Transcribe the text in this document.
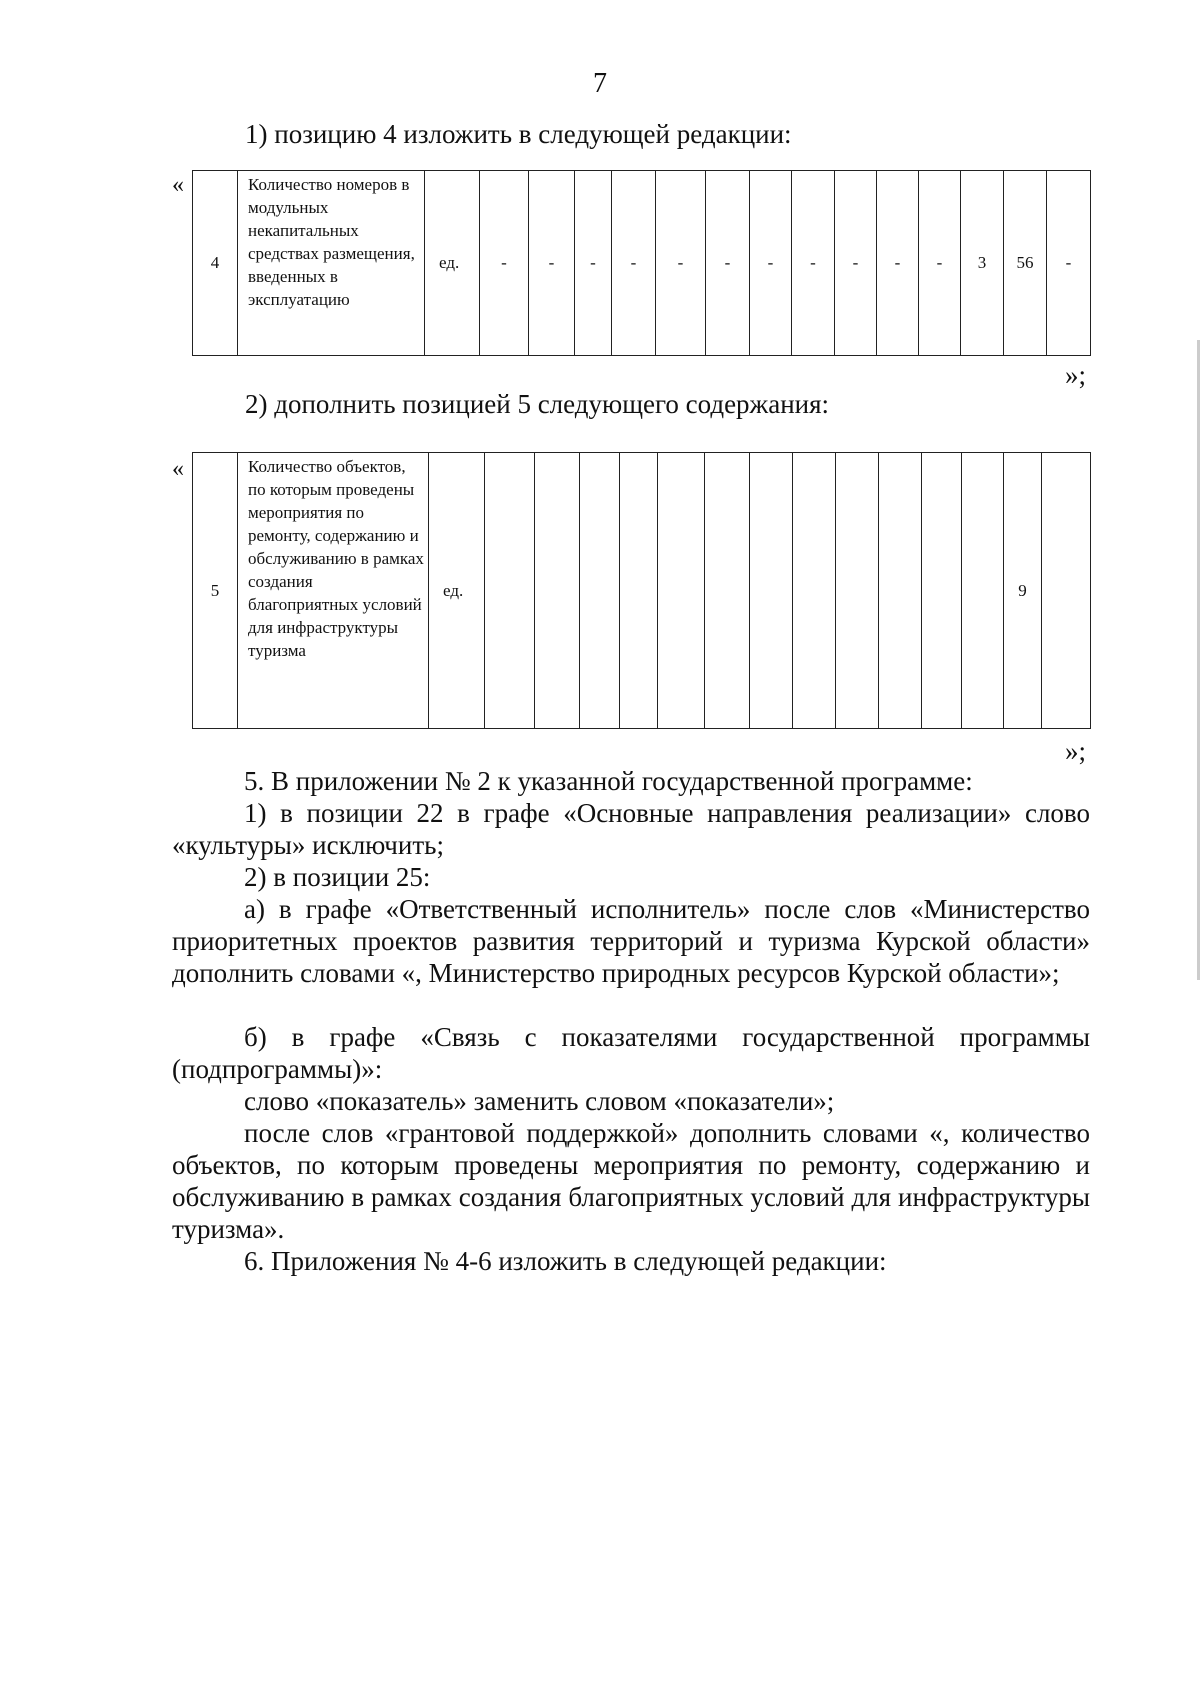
7
1) позицию 4 изложить в следующей редакции:
«
4	Количество номеров в модульных некапитальных средствах размещения, введенных в эксплуатацию	ед.	-	-	-	-	-	-	-	-	-	-	-	3	56	-
»;
2) дополнить позицией 5 следующего содержания:
«
5	Количество объектов, по которым проведены мероприятия по ремонту, содержанию и обслуживанию в рамках создания благоприятных условий для инфраструктуры туризма	ед.													9	
»;
5. В приложении № 2 к указанной государственной программе:
1) в позиции 22 в графе «Основные направления реализации» слово «культуры» исключить;
2) в позиции 25:
а) в графе «Ответственный исполнитель» после слов «Министерство приоритетных проектов развития территорий и туризма Курской области» дополнить словами «, Министерство природных ресурсов Курской области»;
б) в графе «Связь с показателями государственной программы (подпрограммы)»:
слово «показатель» заменить словом «показатели»;
после слов «грантовой поддержкой» дополнить словами «, количество объектов, по которым проведены мероприятия по ремонту, содержанию и обслуживанию в рамках создания благоприятных условий для инфраструктуры туризма».
6. Приложения № 4-6 изложить в следующей редакции:
